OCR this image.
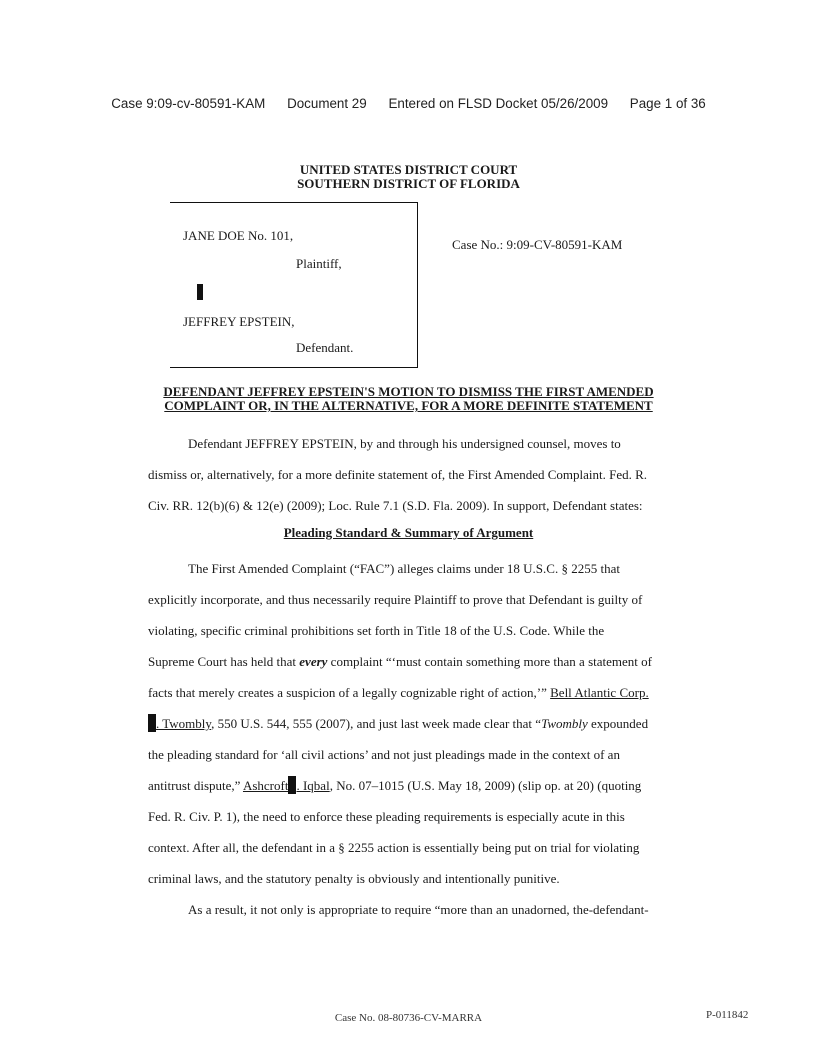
Case 9:09-cv-80591-KAM Document 29 Entered on FLSD Docket 05/26/2009 Page 1 of 36
UNITED STATES DISTRICT COURT
SOUTHERN DISTRICT OF FLORIDA
JANE DOE No. 101,
Plaintiff,
JEFFREY EPSTEIN,
Defendant.
Case No.: 9:09-CV-80591-KAM
DEFENDANT JEFFREY EPSTEIN'S MOTION TO DISMISS THE FIRST AMENDED
COMPLAINT OR, IN THE ALTERNATIVE, FOR A MORE DEFINITE STATEMENT
Defendant JEFFREY EPSTEIN, by and through his undersigned counsel, moves to
dismiss or, alternatively, for a more definite statement of, the First Amended Complaint. Fed. R.
Civ. RR. 12(b)(6) & 12(e) (2009); Loc. Rule 7.1 (S.D. Fla. 2009). In support, Defendant states:
Pleading Standard & Summary of Argument
The First Amended Complaint (“FAC”) alleges claims under 18 U.S.C. § 2255 that
explicitly incorporate, and thus necessarily require Plaintiff to prove that Defendant is guilty of
violating, specific criminal prohibitions set forth in Title 18 of the U.S. Code. While the
Supreme Court has held that every complaint “‘must contain something more than a statement of
facts that merely creates a suspicion of a legally cognizable right of action,’” Bell Atlantic Corp.
. Twombly, 550 U.S. 544, 555 (2007), and just last week made clear that “Twombly expounded
the pleading standard for ‘all civil actions’ and not just pleadings made in the context of an
antitrust dispute,” Ashcroft . Iqbal, No. 07–1015 (U.S. May 18, 2009) (slip op. at 20) (quoting
Fed. R. Civ. P. 1), the need to enforce these pleading requirements is especially acute in this
context. After all, the defendant in a § 2255 action is essentially being put on trial for violating
criminal laws, and the statutory penalty is obviously and intentionally punitive.
As a result, it not only is appropriate to require “more than an unadorned, the-defendant-
Case No. 08-80736-CV-MARRA	P-011842
